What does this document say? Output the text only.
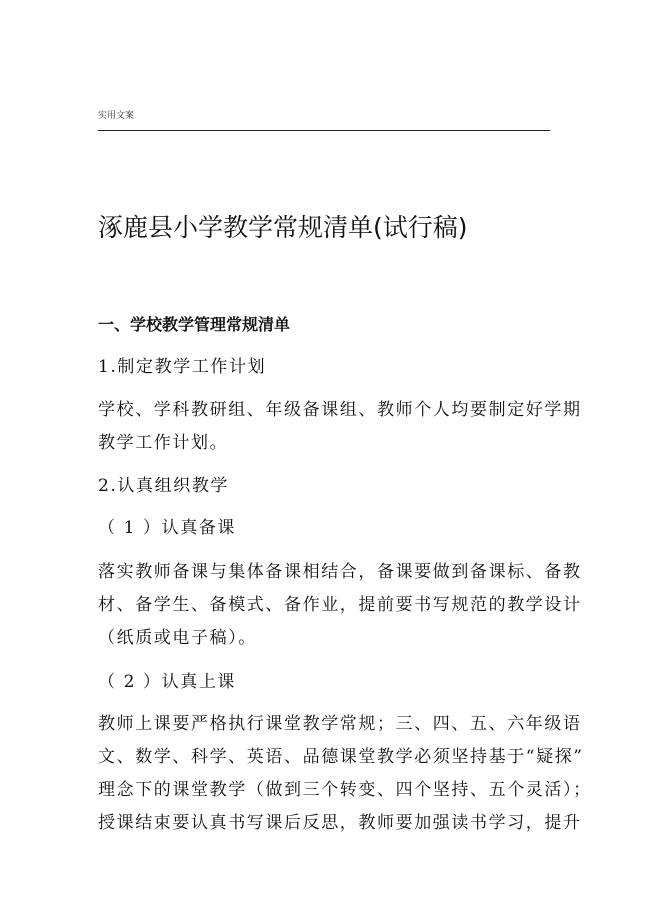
实用文案
涿鹿县小学教学常规清单(试行稿)
一、学校教学管理常规清单

1.制定教学工作计划

学校、学科教研组、年级备课组、教师个人均要制定好学期

教学工作计划。

2.认真组织教学

（ 1 ）认真备课

落实教师备课与集体备课相结合，备课要做到备课标、备教

材、备学生、备模式、备作业，提前要书写规范的教学设计

（纸质或电子稿）。

（ 2 ）认真上课

教师上课要严格执行课堂教学常规；三、四、五、六年级语

文、数学、科学、英语、品德课堂教学必须坚持基于“疑探”

理念下的课堂教学（做到三个转变、四个坚持、五个灵活）；

授课结束要认真书写课后反思，教师要加强读书学习，提升
